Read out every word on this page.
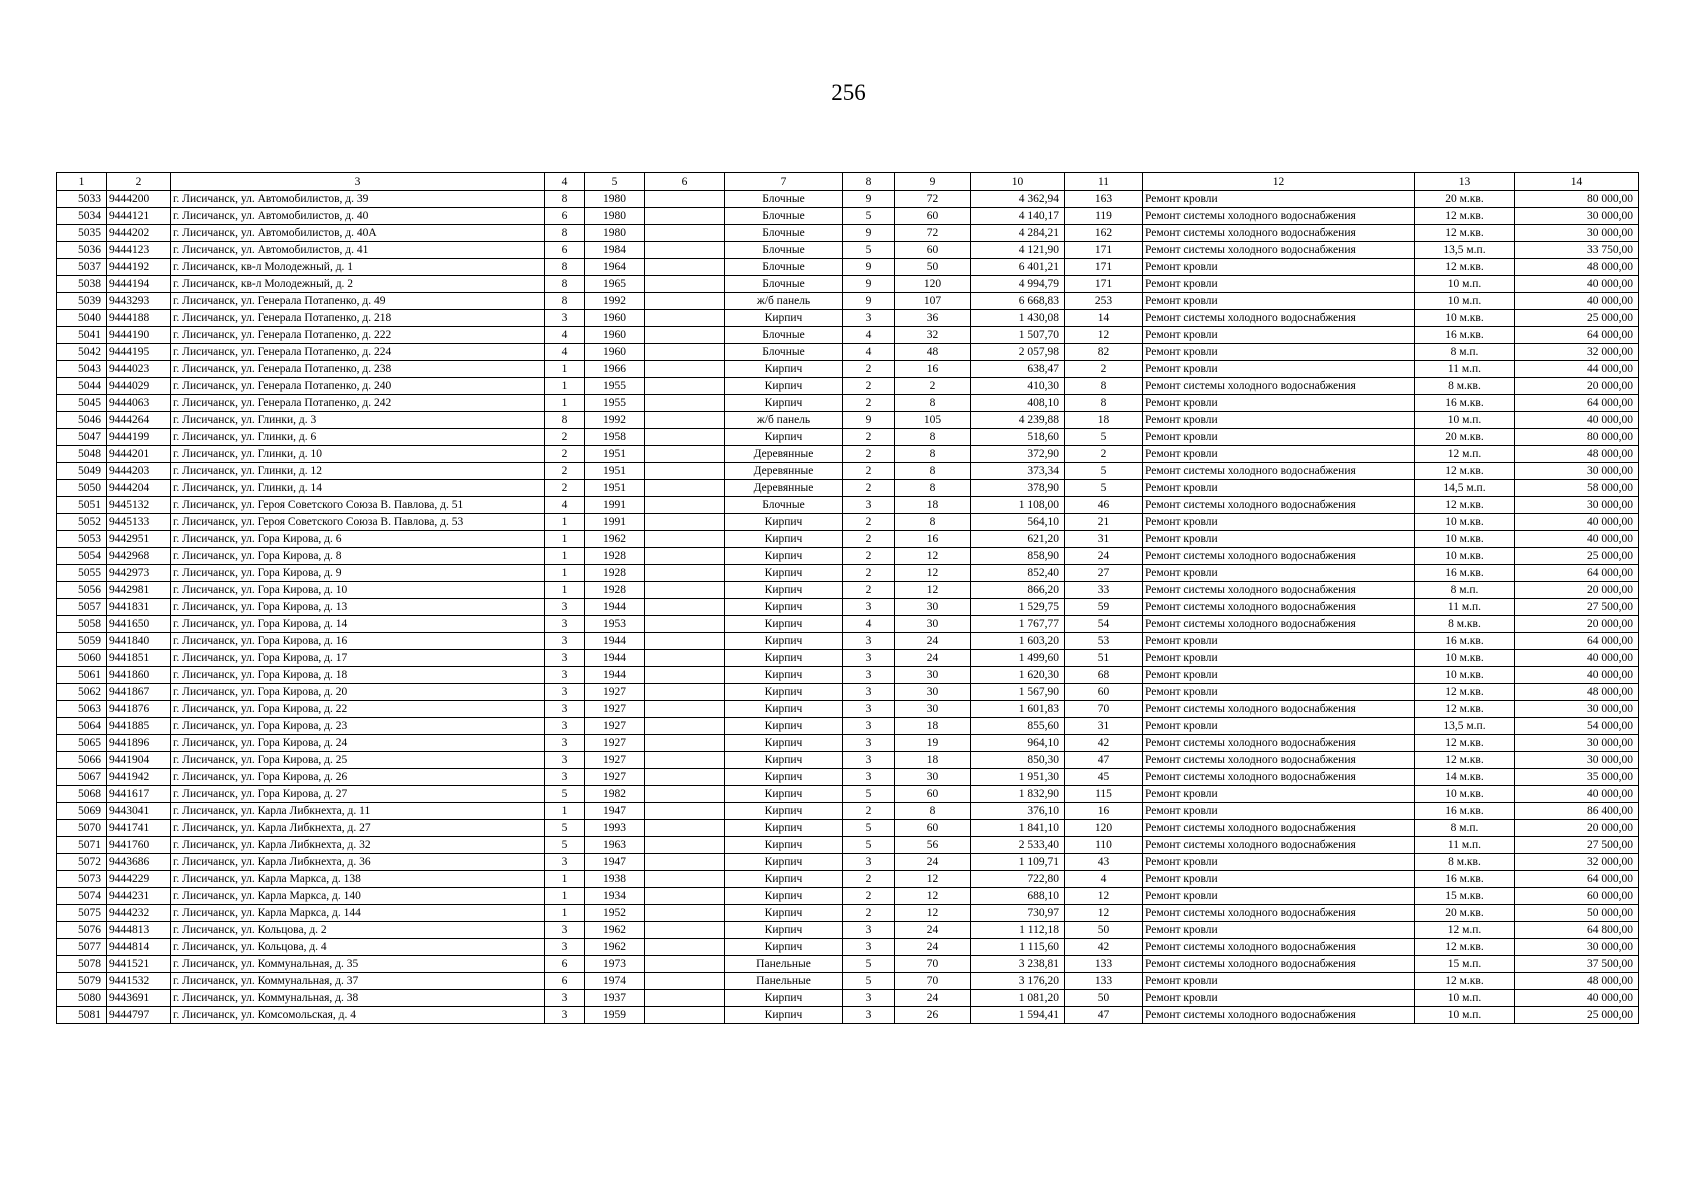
256
1	2	3	4	5	6	7	8	9	10	11	12	13	14
5033	9444200	г. Лисичанск, ул. Автомобилистов, д. 39	8	1980		Блочные	9	72	4 362,94	163	Ремонт кровли	20 м.кв.	80 000,00
5034	9444121	г. Лисичанск, ул. Автомобилистов, д. 40	6	1980		Блочные	5	60	4 140,17	119	Ремонт системы холодного водоснабжения	12 м.кв.	30 000,00
5035	9444202	г. Лисичанск, ул. Автомобилистов, д. 40А	8	1980		Блочные	9	72	4 284,21	162	Ремонт системы холодного водоснабжения	12 м.кв.	30 000,00
5036	9444123	г. Лисичанск, ул. Автомобилистов, д. 41	6	1984		Блочные	5	60	4 121,90	171	Ремонт системы холодного водоснабжения	13,5 м.п.	33 750,00
5037	9444192	г. Лисичанск, кв-л Молодежный, д. 1	8	1964		Блочные	9	50	6 401,21	171	Ремонт кровли	12 м.кв.	48 000,00
5038	9444194	г. Лисичанск, кв-л Молодежный, д. 2	8	1965		Блочные	9	120	4 994,79	171	Ремонт кровли	10 м.п.	40 000,00
5039	9443293	г. Лисичанск, ул. Генерала Потапенко, д. 49	8	1992		ж/б панель	9	107	6 668,83	253	Ремонт кровли	10 м.п.	40 000,00
5040	9444188	г. Лисичанск, ул. Генерала Потапенко, д. 218	3	1960		Кирпич	3	36	1 430,08	14	Ремонт системы холодного водоснабжения	10 м.кв.	25 000,00
5041	9444190	г. Лисичанск, ул. Генерала Потапенко, д. 222	4	1960		Блочные	4	32	1 507,70	12	Ремонт кровли	16 м.кв.	64 000,00
5042	9444195	г. Лисичанск, ул. Генерала Потапенко, д. 224	4	1960		Блочные	4	48	2 057,98	82	Ремонт кровли	8 м.п.	32 000,00
5043	9444023	г. Лисичанск, ул. Генерала Потапенко, д. 238	1	1966		Кирпич	2	16	638,47	2	Ремонт кровли	11 м.п.	44 000,00
5044	9444029	г. Лисичанск, ул. Генерала Потапенко, д. 240	1	1955		Кирпич	2	2	410,30	8	Ремонт системы холодного водоснабжения	8 м.кв.	20 000,00
5045	9444063	г. Лисичанск, ул. Генерала Потапенко, д. 242	1	1955		Кирпич	2	8	408,10	8	Ремонт кровли	16 м.кв.	64 000,00
5046	9444264	г. Лисичанск, ул. Глинки, д. 3	8	1992		ж/б панель	9	105	4 239,88	18	Ремонт кровли	10 м.п.	40 000,00
5047	9444199	г. Лисичанск, ул. Глинки, д. 6	2	1958		Кирпич	2	8	518,60	5	Ремонт кровли	20 м.кв.	80 000,00
5048	9444201	г. Лисичанск, ул. Глинки, д. 10	2	1951		Деревянные	2	8	372,90	2	Ремонт кровли	12 м.п.	48 000,00
5049	9444203	г. Лисичанск, ул. Глинки, д. 12	2	1951		Деревянные	2	8	373,34	5	Ремонт системы холодного водоснабжения	12 м.кв.	30 000,00
5050	9444204	г. Лисичанск, ул. Глинки, д. 14	2	1951		Деревянные	2	8	378,90	5	Ремонт кровли	14,5 м.п.	58 000,00
5051	9445132	г. Лисичанск, ул. Героя Советского Союза В. Павлова, д. 51	4	1991		Блочные	3	18	1 108,00	46	Ремонт системы холодного водоснабжения	12 м.кв.	30 000,00
5052	9445133	г. Лисичанск, ул. Героя Советского Союза В. Павлова, д. 53	1	1991		Кирпич	2	8	564,10	21	Ремонт кровли	10 м.кв.	40 000,00
5053	9442951	г. Лисичанск, ул. Гора Кирова, д. 6	1	1962		Кирпич	2	16	621,20	31	Ремонт кровли	10 м.кв.	40 000,00
5054	9442968	г. Лисичанск, ул. Гора Кирова, д. 8	1	1928		Кирпич	2	12	858,90	24	Ремонт системы холодного водоснабжения	10 м.кв.	25 000,00
5055	9442973	г. Лисичанск, ул. Гора Кирова, д. 9	1	1928		Кирпич	2	12	852,40	27	Ремонт кровли	16 м.кв.	64 000,00
5056	9442981	г. Лисичанск, ул. Гора Кирова, д. 10	1	1928		Кирпич	2	12	866,20	33	Ремонт системы холодного водоснабжения	8 м.п.	20 000,00
5057	9441831	г. Лисичанск, ул. Гора Кирова, д. 13	3	1944		Кирпич	3	30	1 529,75	59	Ремонт системы холодного водоснабжения	11 м.п.	27 500,00
5058	9441650	г. Лисичанск, ул. Гора Кирова, д. 14	3	1953		Кирпич	4	30	1 767,77	54	Ремонт системы холодного водоснабжения	8 м.кв.	20 000,00
5059	9441840	г. Лисичанск, ул. Гора Кирова, д. 16	3	1944		Кирпич	3	24	1 603,20	53	Ремонт кровли	16 м.кв.	64 000,00
5060	9441851	г. Лисичанск, ул. Гора Кирова, д. 17	3	1944		Кирпич	3	24	1 499,60	51	Ремонт кровли	10 м.кв.	40 000,00
5061	9441860	г. Лисичанск, ул. Гора Кирова, д. 18	3	1944		Кирпич	3	30	1 620,30	68	Ремонт кровли	10 м.кв.	40 000,00
5062	9441867	г. Лисичанск, ул. Гора Кирова, д. 20	3	1927		Кирпич	3	30	1 567,90	60	Ремонт кровли	12 м.кв.	48 000,00
5063	9441876	г. Лисичанск, ул. Гора Кирова, д. 22	3	1927		Кирпич	3	30	1 601,83	70	Ремонт системы холодного водоснабжения	12 м.кв.	30 000,00
5064	9441885	г. Лисичанск, ул. Гора Кирова, д. 23	3	1927		Кирпич	3	18	855,60	31	Ремонт кровли	13,5 м.п.	54 000,00
5065	9441896	г. Лисичанск, ул. Гора Кирова, д. 24	3	1927		Кирпич	3	19	964,10	42	Ремонт системы холодного водоснабжения	12 м.кв.	30 000,00
5066	9441904	г. Лисичанск, ул. Гора Кирова, д. 25	3	1927		Кирпич	3	18	850,30	47	Ремонт системы холодного водоснабжения	12 м.кв.	30 000,00
5067	9441942	г. Лисичанск, ул. Гора Кирова, д. 26	3	1927		Кирпич	3	30	1 951,30	45	Ремонт системы холодного водоснабжения	14 м.кв.	35 000,00
5068	9441617	г. Лисичанск, ул. Гора Кирова, д. 27	5	1982		Кирпич	5	60	1 832,90	115	Ремонт кровли	10 м.кв.	40 000,00
5069	9443041	г. Лисичанск, ул. Карла Либкнехта, д. 11	1	1947		Кирпич	2	8	376,10	16	Ремонт кровли	16 м.кв.	86 400,00
5070	9441741	г. Лисичанск, ул. Карла Либкнехта, д. 27	5	1993		Кирпич	5	60	1 841,10	120	Ремонт системы холодного водоснабжения	8 м.п.	20 000,00
5071	9441760	г. Лисичанск, ул. Карла Либкнехта, д. 32	5	1963		Кирпич	5	56	2 533,40	110	Ремонт системы холодного водоснабжения	11 м.п.	27 500,00
5072	9443686	г. Лисичанск, ул. Карла Либкнехта, д. 36	3	1947		Кирпич	3	24	1 109,71	43	Ремонт кровли	8 м.кв.	32 000,00
5073	9444229	г. Лисичанск, ул. Карла Маркса, д. 138	1	1938		Кирпич	2	12	722,80	4	Ремонт кровли	16 м.кв.	64 000,00
5074	9444231	г. Лисичанск, ул. Карла Маркса, д. 140	1	1934		Кирпич	2	12	688,10	12	Ремонт кровли	15 м.кв.	60 000,00
5075	9444232	г. Лисичанск, ул. Карла Маркса, д. 144	1	1952		Кирпич	2	12	730,97	12	Ремонт системы холодного водоснабжения	20 м.кв.	50 000,00
5076	9444813	г. Лисичанск, ул. Кольцова, д. 2	3	1962		Кирпич	3	24	1 112,18	50	Ремонт кровли	12 м.п.	64 800,00
5077	9444814	г. Лисичанск, ул. Кольцова, д. 4	3	1962		Кирпич	3	24	1 115,60	42	Ремонт системы холодного водоснабжения	12 м.кв.	30 000,00
5078	9441521	г. Лисичанск, ул. Коммунальная, д. 35	6	1973		Панельные	5	70	3 238,81	133	Ремонт системы холодного водоснабжения	15 м.п.	37 500,00
5079	9441532	г. Лисичанск, ул. Коммунальная, д. 37	6	1974		Панельные	5	70	3 176,20	133	Ремонт кровли	12 м.кв.	48 000,00
5080	9443691	г. Лисичанск, ул. Коммунальная, д. 38	3	1937		Кирпич	3	24	1 081,20	50	Ремонт кровли	10 м.п.	40 000,00
5081	9444797	г. Лисичанск, ул. Комсомольская, д. 4	3	1959		Кирпич	3	26	1 594,41	47	Ремонт системы холодного водоснабжения	10 м.п.	25 000,00
